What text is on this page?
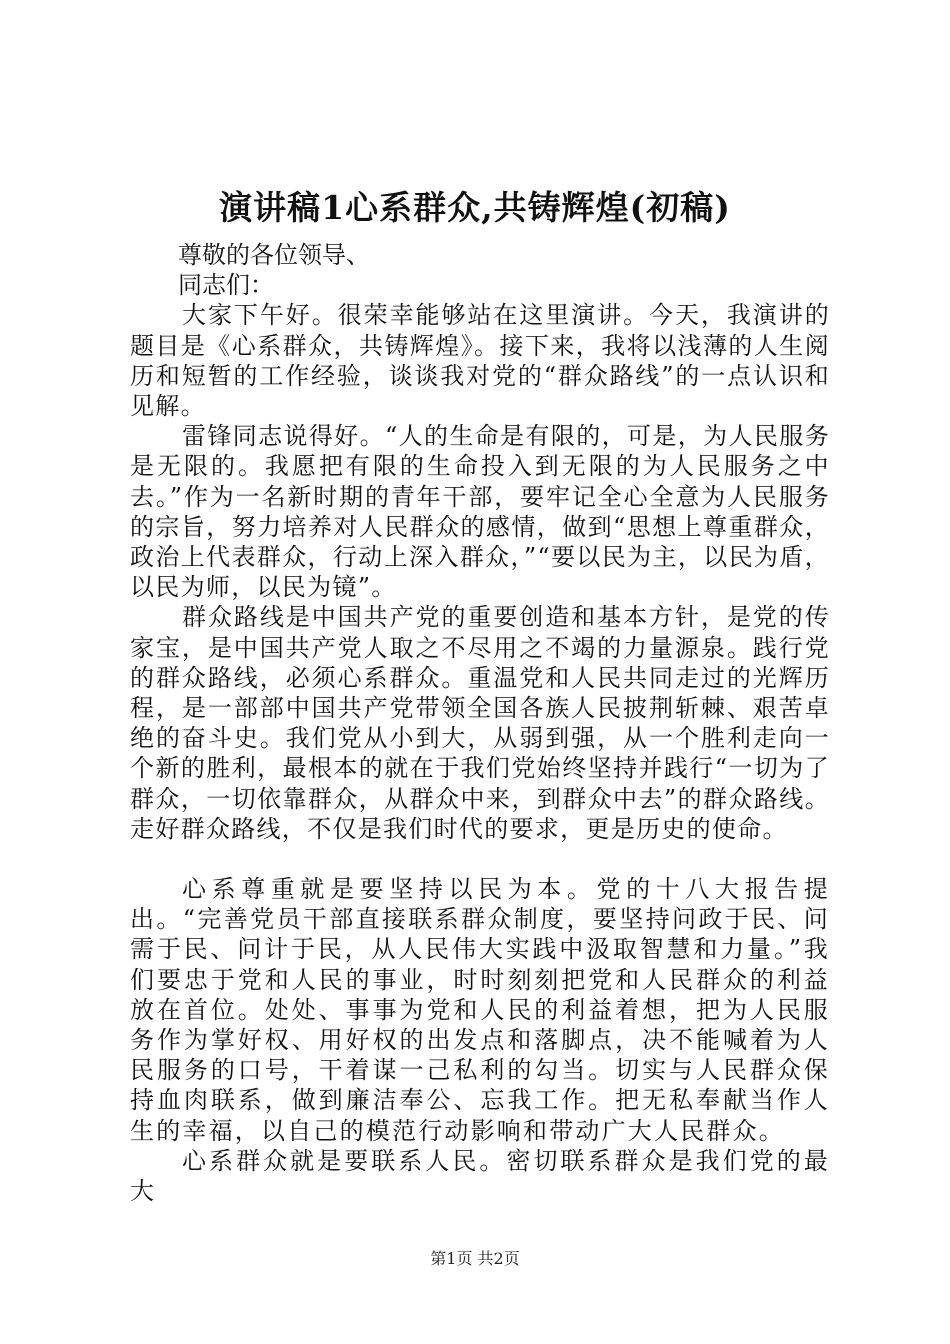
演讲稿1心系群众,共铸辉煌(初稿)

尊敬的各位领导、

同志们：

大家下午好。很荣幸能够站在这里演讲。今天，我演讲的题目是《心系群众，共铸辉煌》。接下来，我将以浅薄的人生阅历和短暂的工作经验，谈谈我对党的“群众路线”的一点认识和见解。

雷锋同志说得好。“人的生命是有限的，可是，为人民服务是无限的。我愿把有限的生命投入到无限的为人民服务之中去。”作为一名新时期的青年干部，要牢记全心全意为人民服务的宗旨，努力培养对人民群众的感情，做到“思想上尊重群众，政治上代表群众，行动上深入群众，”“要以民为主，以民为盾，以民为师，以民为镜”。

群众路线是中国共产党的重要创造和基本方针，是党的传家宝，是中国共产党人取之不尽用之不竭的力量源泉。践行党的群众路线，必须心系群众。重温党和人民共同走过的光辉历程，是一部部中国共产党带领全国各族人民披荆斩棘、艰苦卓绝的奋斗史。我们党从小到大，从弱到强，从一个胜利走向一个新的胜利，最根本的就在于我们党始终坚持并践行“一切为了群众，一切依靠群众，从群众中来，到群众中去”的群众路线。走好群众路线，不仅是我们时代的要求，更是历史的使命。

心系尊重就是要坚持以民为本。党的十八大报告提出。“完善党员干部直接联系群众制度，要坚持问政于民、问需于民、问计于民，从人民伟大实践中汲取智慧和力量。”我们要忠于党和人民的事业，时时刻刻把党和人民群众的利益放在首位。处处、事事为党和人民的利益着想，把为人民服务作为掌好权、用好权的出发点和落脚点，决不能喊着为人民服务的口号，干着谋一己私利的勾当。切实与人民群众保持血肉联系，做到廉洁奉公、忘我工作。把无私奉献当作人生的幸福，以自己的模范行动影响和带动广大人民群众。

心系群众就是要联系人民。密切联系群众是我们党的最大

第1页 共2页
